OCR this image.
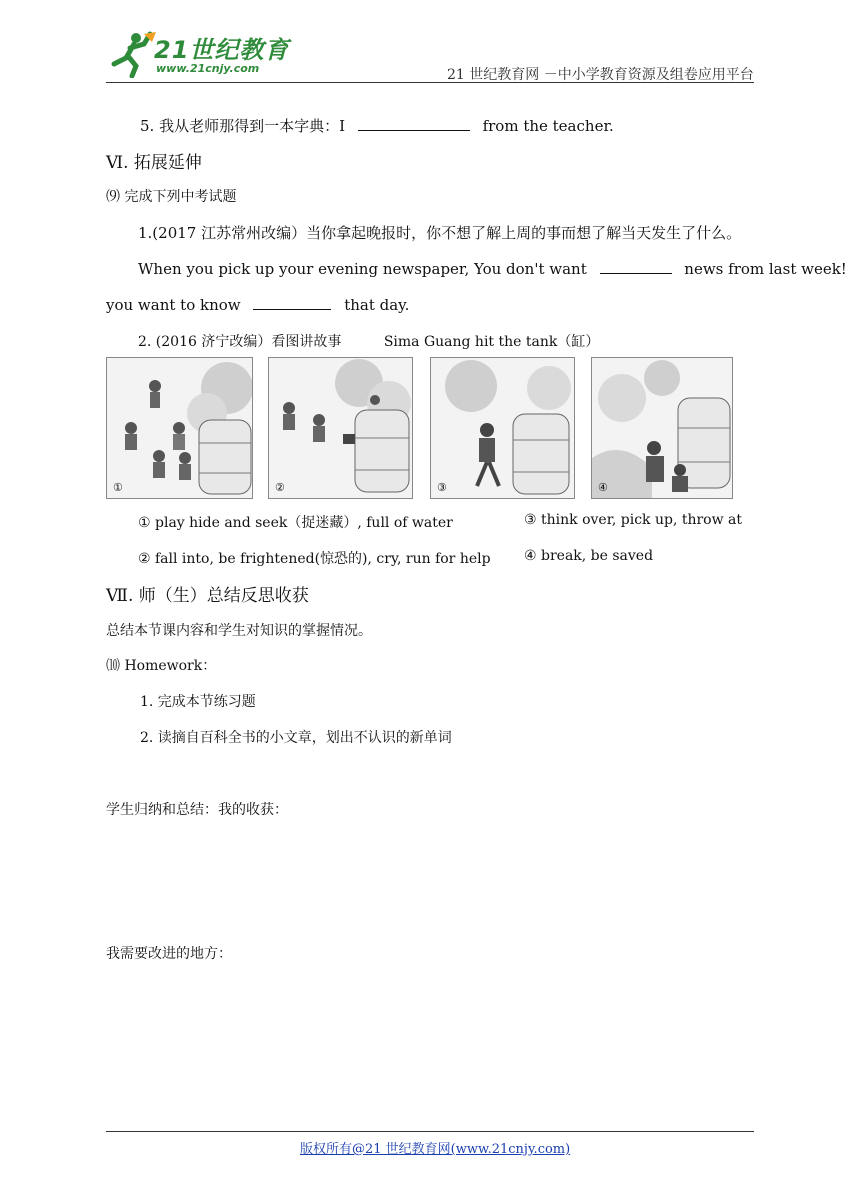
21世纪教育
www.21cnjy.com	21 世纪教育网 －中小学教育资源及组卷应用平台
5. 我从老师那得到一本字典：I	from the teacher.
Ⅵ. 拓展延伸
⑼ 完成下列中考试题
1.(2017 江苏常州改编）当你拿起晚报时，你不想了解上周的事而想了解当天发生了什么。
When you pick up your evening newspaper, You don't want	news from last week!
you want to know	that day.
2. (2016 济宁改编）看图讲故事	Sima Guang hit the tank（缸）
①	②	③	④
① play hide and seek（捉迷藏）, full of water	③ think over, pick up, throw at
② fall into, be frightened(惊恐的), cry, run for help ④ break, be saved
Ⅶ. 师（生）总结反思收获
总结本节课内容和学生对知识的掌握情况。
⑽ Homework：
1. 完成本节练习题
2. 读摘自百科全书的小文章，划出不认识的新单词
学生归纳和总结：我的收获：
我需要改进的地方：
版权所有@21 世纪教育网(www.21cnjy.com)
